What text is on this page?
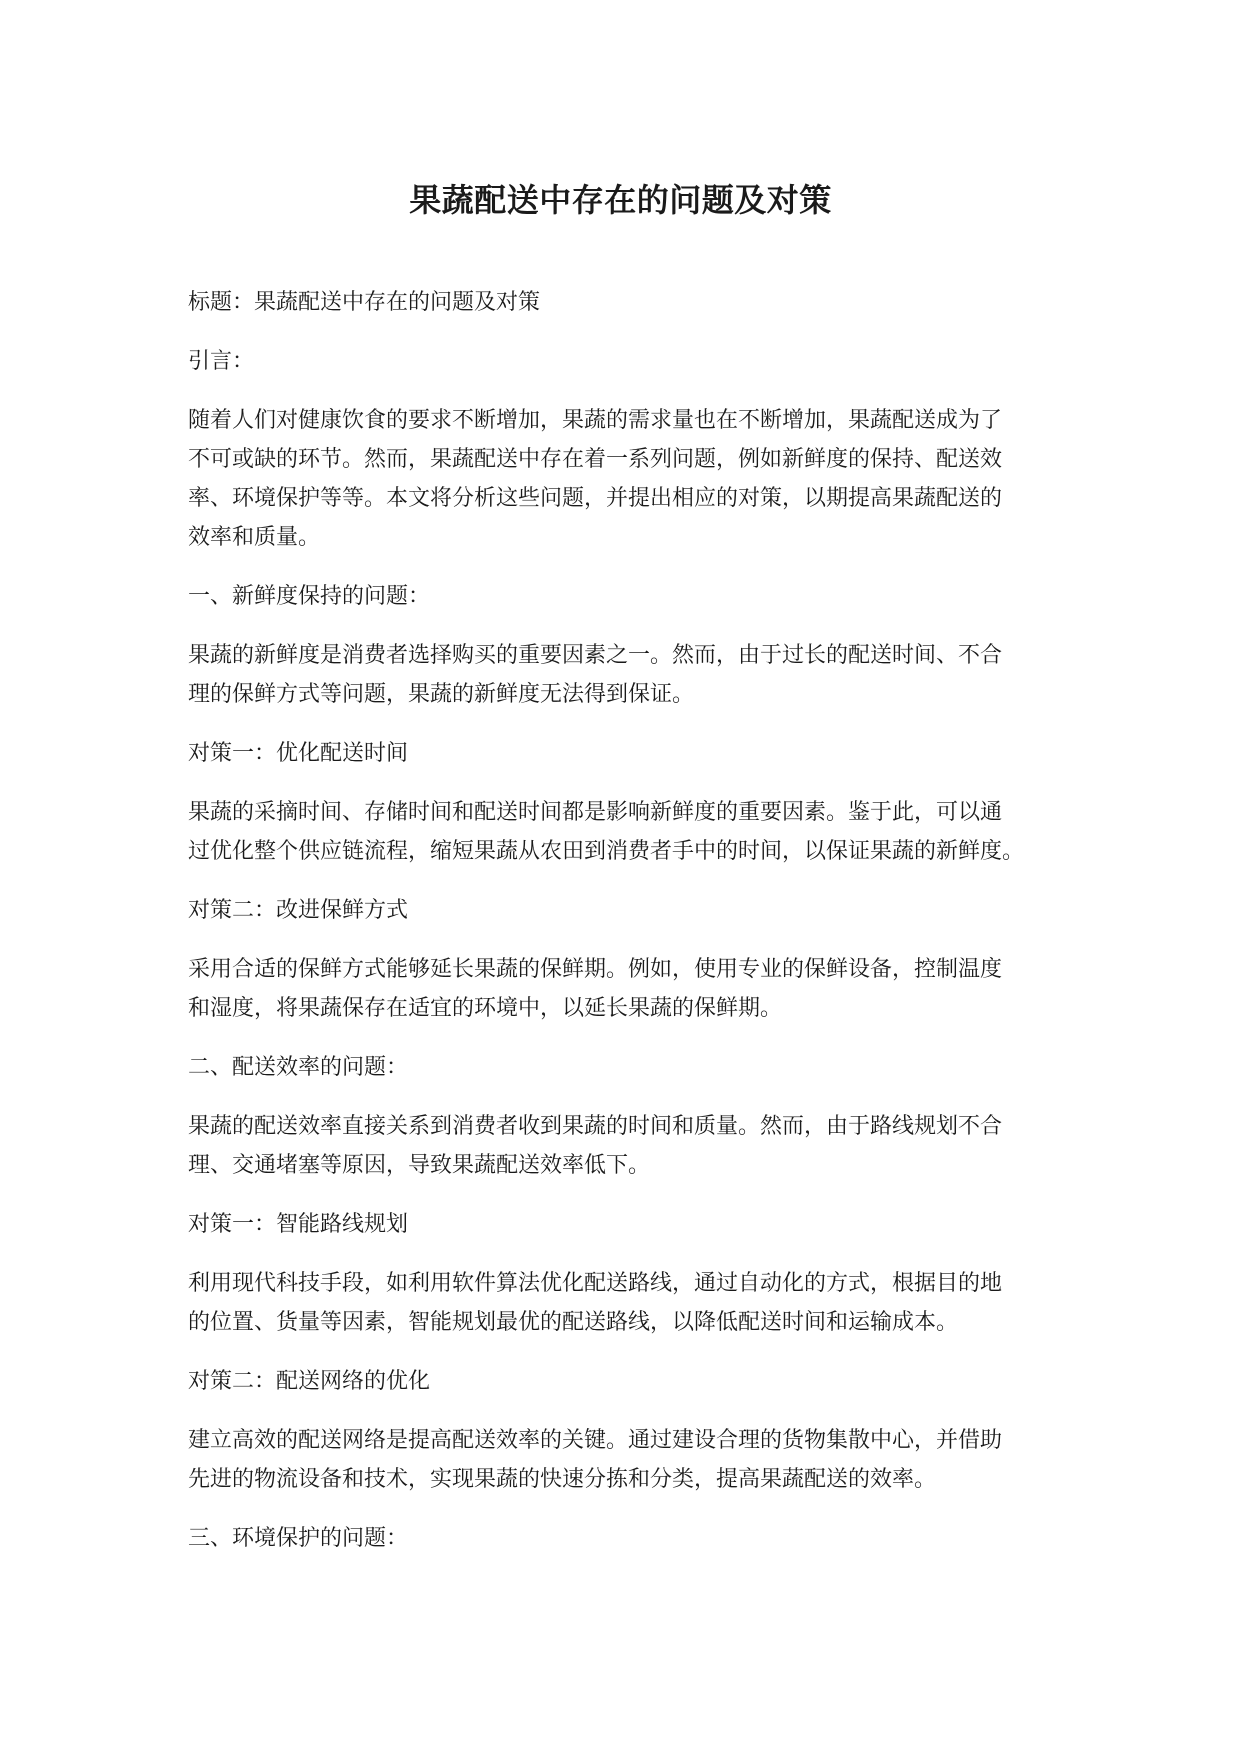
果蔬配送中存在的问题及对策

标题：果蔬配送中存在的问题及对策

引言：

随着人们对健康饮食的要求不断增加，果蔬的需求量也在不断增加，果蔬配送成为了
不可或缺的环节。然而，果蔬配送中存在着一系列问题，例如新鲜度的保持、配送效
率、环境保护等等。本文将分析这些问题，并提出相应的对策，以期提高果蔬配送的
效率和质量。

一、新鲜度保持的问题：

果蔬的新鲜度是消费者选择购买的重要因素之一。然而，由于过长的配送时间、不合
理的保鲜方式等问题，果蔬的新鲜度无法得到保证。

对策一：优化配送时间

果蔬的采摘时间、存储时间和配送时间都是影响新鲜度的重要因素。鉴于此，可以通
过优化整个供应链流程，缩短果蔬从农田到消费者手中的时间，以保证果蔬的新鲜度。

对策二：改进保鲜方式

采用合适的保鲜方式能够延长果蔬的保鲜期。例如，使用专业的保鲜设备，控制温度
和湿度，将果蔬保存在适宜的环境中，以延长果蔬的保鲜期。

二、配送效率的问题：

果蔬的配送效率直接关系到消费者收到果蔬的时间和质量。然而，由于路线规划不合
理、交通堵塞等原因，导致果蔬配送效率低下。

对策一：智能路线规划

利用现代科技手段，如利用软件算法优化配送路线，通过自动化的方式，根据目的地
的位置、货量等因素，智能规划最优的配送路线，以降低配送时间和运输成本。

对策二：配送网络的优化

建立高效的配送网络是提高配送效率的关键。通过建设合理的货物集散中心，并借助
先进的物流设备和技术，实现果蔬的快速分拣和分类，提高果蔬配送的效率。

三、环境保护的问题：
